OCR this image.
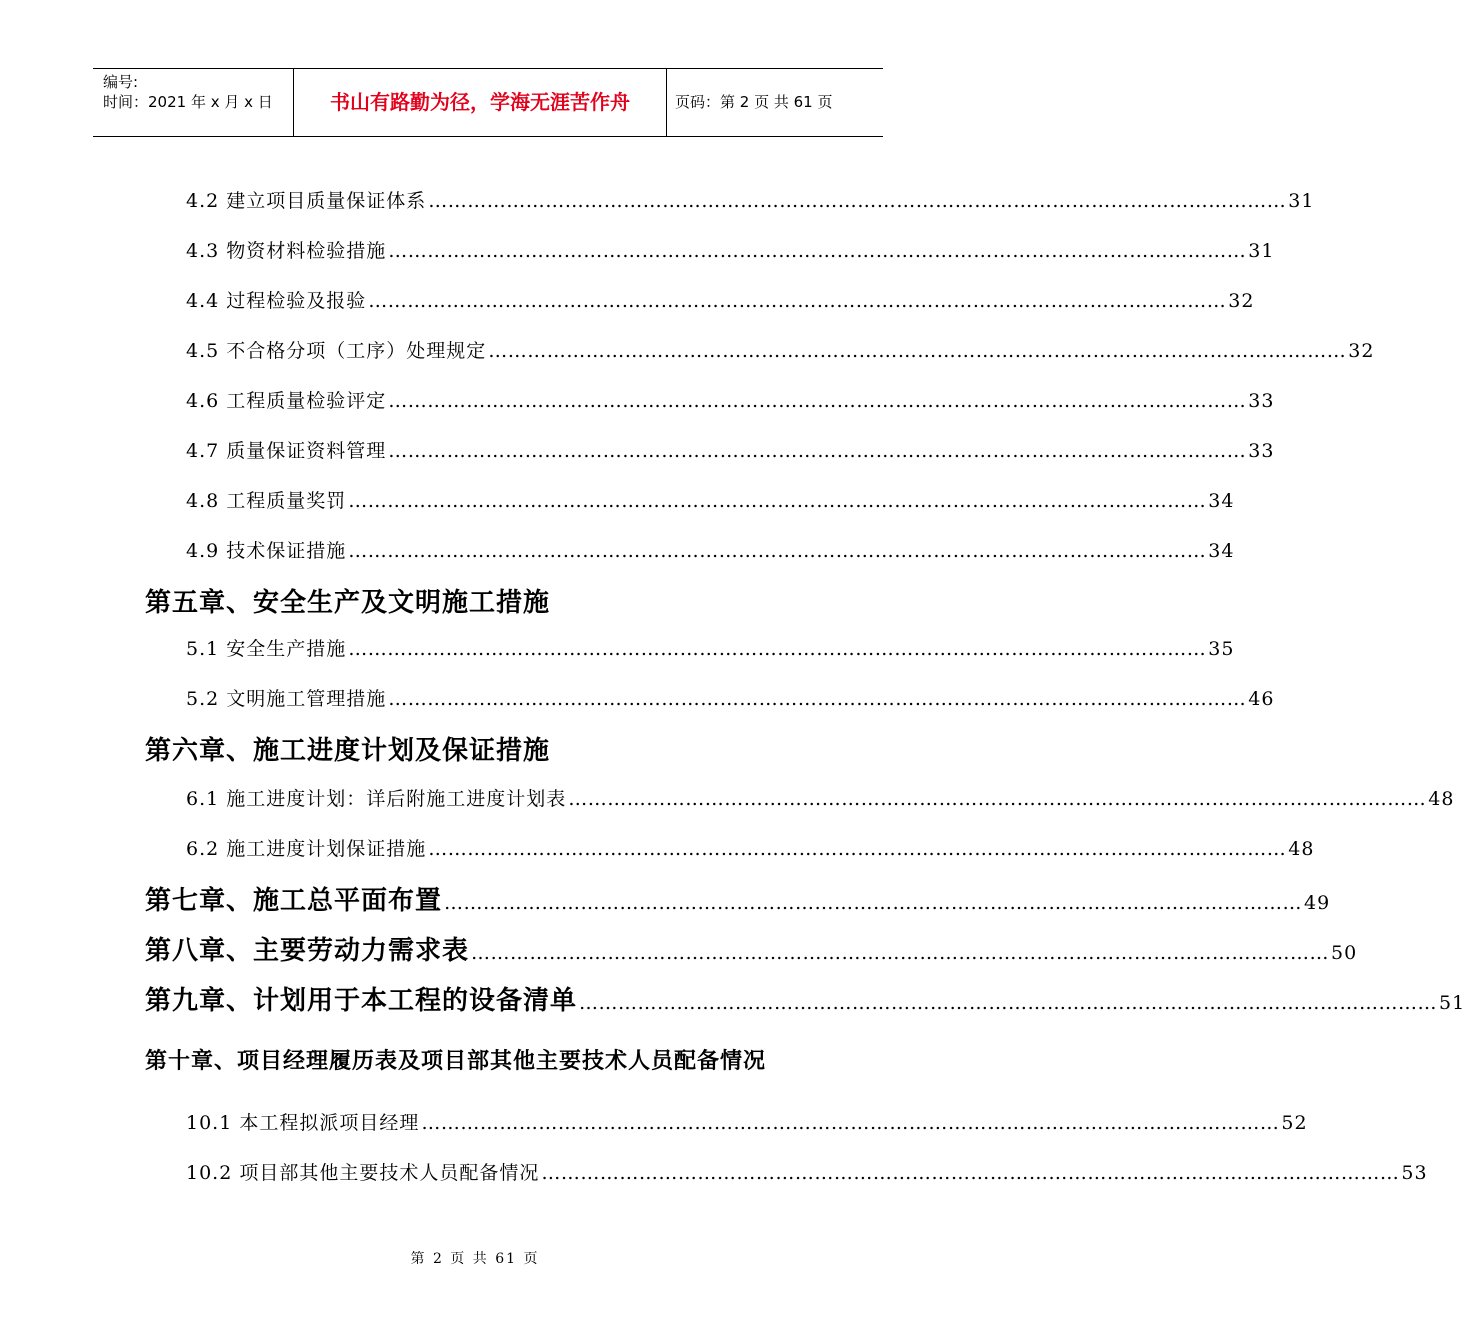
编号:
时间：2021 年 x 月 x 日	书山有路勤为径，学海无涯苦作舟	页码：第 2 页 共 61 页
4.2 建立项目质量保证体系 …………………………………………………………………………………………………………………… 31
4.3 物资材料检验措施 …………………………………………………………………………………………………………………… 31
4.4 过程检验及报验 …………………………………………………………………………………………………………………… 32
4.5 不合格分项（工序）处理规定 …………………………………………………………………………………………………………………… 32
4.6 工程质量检验评定 …………………………………………………………………………………………………………………… 33
4.7 质量保证资料管理 …………………………………………………………………………………………………………………… 33
4.8 工程质量奖罚 …………………………………………………………………………………………………………………… 34
4.9 技术保证措施 …………………………………………………………………………………………………………………… 34
第五章、安全生产及文明施工措施
5.1 安全生产措施 …………………………………………………………………………………………………………………… 35
5.2 文明施工管理措施 …………………………………………………………………………………………………………………… 46
第六章、施工进度计划及保证措施
6.1 施工进度计划：详后附施工进度计划表 …………………………………………………………………………………………………………………… 48
6.2 施工进度计划保证措施 …………………………………………………………………………………………………………………… 48
第七章、施工总平面布置 …………………………………………………………………………………………………………………… 49
第八章、主要劳动力需求表 …………………………………………………………………………………………………………………… 50
第九章、计划用于本工程的设备清单 …………………………………………………………………………………………………………………… 51
第十章、项目经理履历表及项目部其他主要技术人员配备情况
10.1 本工程拟派项目经理 …………………………………………………………………………………………………………………… 52
10.2 项目部其他主要技术人员配备情况 …………………………………………………………………………………………………………………… 53
第 2 页 共 61 页
